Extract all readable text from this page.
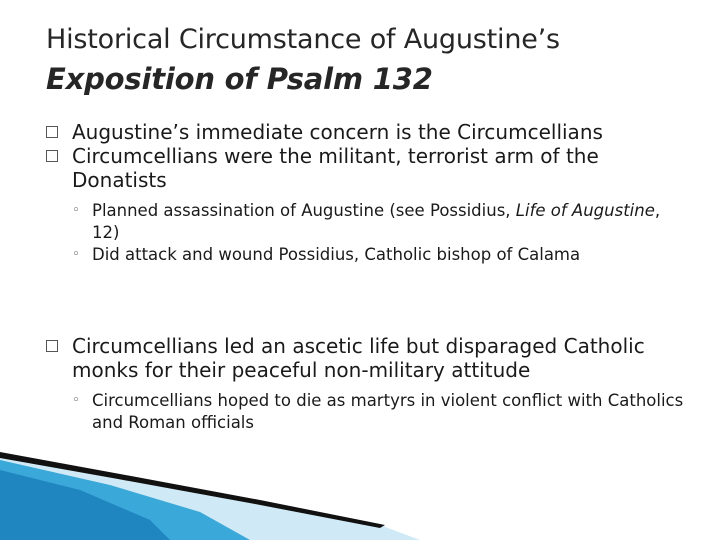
Historical Circumstance of Augustine’s
Exposition of Psalm 132
Augustine’s immediate concern is the Circumcellians
Circumcellians were the militant, terrorist arm of the Donatists
◦ Planned assassination of Augustine (see Possidius, Life of Augustine, 12)
◦ Did attack and wound Possidius, Catholic bishop of Calama
Circumcellians led an ascetic life but disparaged Catholic monks for their peaceful non-military attitude
◦ Circumcellians hoped to die as martyrs in violent conflict with Catholics and Roman officials
